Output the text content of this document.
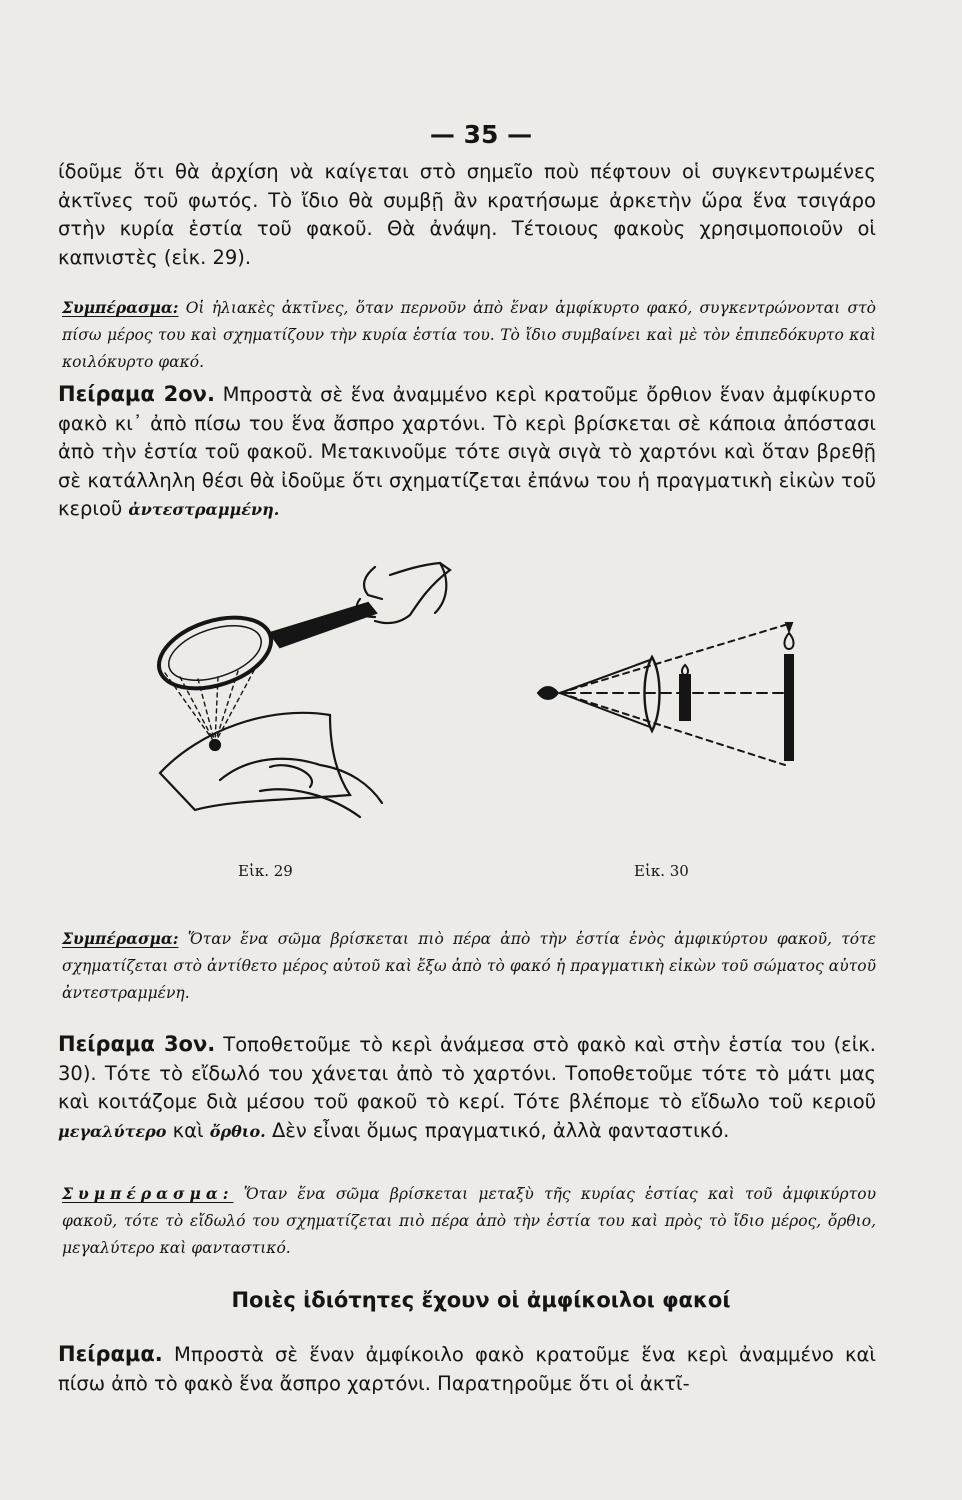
— 35 —

ίδοῦμε ὅτι θὰ ἀρχίση νὰ καίγεται στὸ σημεῖο ποὺ πέφτουν οἱ συγκεντρωμένες ἀκτῖνες τοῦ φωτός. Τὸ ἴδιο θὰ συμβῇ ἂν κρατήσωμε ἀρκετὴν ὥρα ἕνα τσιγάρο στὴν κυρία ἑστία τοῦ φακοῦ. Θὰ ἀνάψη. Τέτοιους φακοὺς χρησιμοποιοῦν οἱ καπνιστὲς (εἰκ. 29).

Συμπέρασμα: Οἱ ἡλιακὲς ἀκτῖνες, ὅταν περνοῦν ἀπὸ ἕναν ἀμφίκυρτο φακό, συγκεντρώνονται στὸ πίσω μέρος του καὶ σχηματίζουν τὴν κυρία ἑστία του. Τὸ ἴδιο συμβαίνει καὶ μὲ τὸν ἐπιπεδόκυρτο καὶ κοιλόκυρτο φακό.

Πείραμα 2ον. Μπροστὰ σὲ ἕνα ἀναμμένο κερὶ κρατοῦμε ὄρθιον ἕναν ἀμφίκυρτο φακὸ κι᾽ ἀπὸ πίσω του ἕνα ἄσπρο χαρτόνι. Τὸ κερὶ βρίσκεται σὲ κάποια ἀπόστασι ἀπὸ τὴν ἑστία τοῦ φακοῦ. Μετακινοῦμε τότε σιγὰ σιγὰ τὸ χαρτόνι καὶ ὅταν βρεθῇ σὲ κατάλληλη θέσι θὰ ἰδοῦμε ὅτι σχηματίζεται ἐπάνω του ἡ πραγματικὴ εἰκὼν τοῦ κεριοῦ ἀντεστραμμένη.

Εἰκ. 29	Εἰκ. 30

Συμπέρασμα: Ὅταν ἕνα σῶμα βρίσκεται πιὸ πέρα ἀπὸ τὴν ἑστία ἑνὸς ἀμφικύρτου φακοῦ, τότε σχηματίζεται στὸ ἀντίθετο μέρος αὐτοῦ καὶ ἔξω ἀπὸ τὸ φακό ἡ πραγματικὴ εἰκὼν τοῦ σώματος αὐτοῦ ἀντεστραμμένη.

Πείραμα 3ον. Τοποθετοῦμε τὸ κερὶ ἀνάμεσα στὸ φακὸ καὶ στὴν ἑστία του (εἰκ. 30). Τότε τὸ εἴδωλό του χάνεται ἀπὸ τὸ χαρτόνι. Τοποθετοῦμε τότε τὸ μάτι μας καὶ κοιτάζομε διὰ μέσου τοῦ φακοῦ τὸ κερί. Τότε βλέπομε τὸ εἴδωλο τοῦ κεριοῦ μεγαλύτερο καὶ ὄρθιο. Δὲν εἶναι ὅμως πραγματικό, ἀλλὰ φανταστικό.

Συμπέρασμα: Ὅταν ἕνα σῶμα βρίσκεται μεταξὺ τῆς κυρίας ἑστίας καὶ τοῦ ἀμφικύρτου φακοῦ, τότε τὸ εἴδωλό του σχηματίζεται πιὸ πέρα ἀπὸ τὴν ἑστία του καὶ πρὸς τὸ ἴδιο μέρος, ὄρθιο, μεγαλύτερο καὶ φανταστικό.

Ποιὲς ἰδιότητες ἔχουν οἱ ἀμφίκοιλοι φακοί

Πείραμα. Μπροστὰ σὲ ἕναν ἀμφίκοιλο φακὸ κρατοῦμε ἕνα κερὶ ἀναμμένο καὶ πίσω ἀπὸ τὸ φακὸ ἕνα ἄσπρο χαρτόνι. Παρατηροῦμε ὅτι οἱ ἀκτῖ-
